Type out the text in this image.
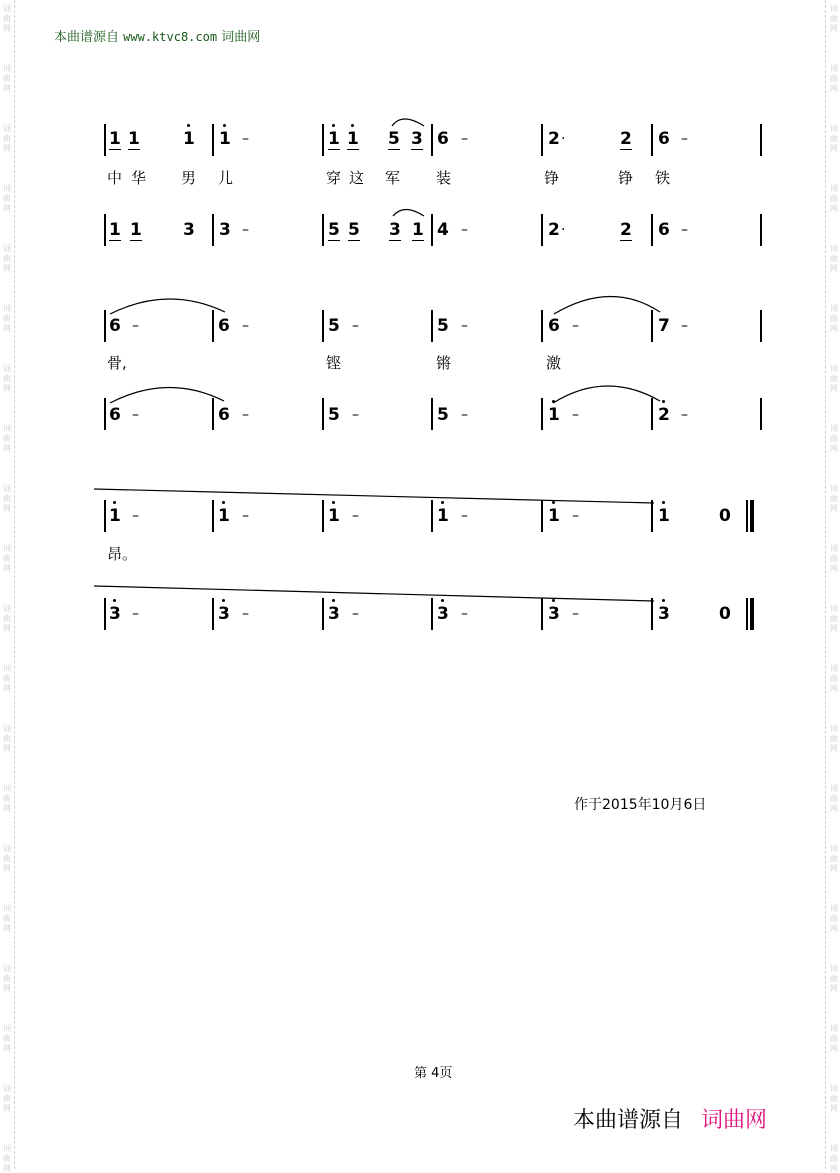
词
曲
网
词
曲
网
词
曲
网
词
曲
网
词
曲
网
词
曲
网
词
曲
网
词
曲
网
词
曲
网
词
曲
网
词
曲
网
词
曲
网
词
曲
网
词
曲
网
词
曲
网
词
曲
网
词
曲
网
词
曲
网
词
曲
网
词
曲
网
词
曲
网
词
曲
网
词
曲
网
词
曲
网
词
曲
网
词
曲
网
词
曲
网
词
曲
网
词
曲
网
词
曲
网
词
曲
网
词
曲
网
词
曲
网
词
曲
网
词
曲
网
词
曲
网
词
曲
网
词
曲
网
词
曲
网
词
曲
网
本曲谱源自 www.ktvc8.com 词曲网
1 1	1 1 –	1 1 5 3 6 –	2 ·	2 6 –
中 华 男 儿	穿 这 军 装	铮	铮 铁
1 1 3 3 –	5 5 3 1 4 –	2 ·	2 6 –
6 –	6 –	5 –	5 –	6 –	7 –
骨,	铿	锵	激
6 –	6 –	5 –	5 –	1 –	2 –
1 –	1 –	1 –	1 –	1 –	1	0
昂。
3 –	3 –	3 –	3 –	3 –	3	0
作于2015年10月6日
第 4页
本曲谱源自 词曲网
